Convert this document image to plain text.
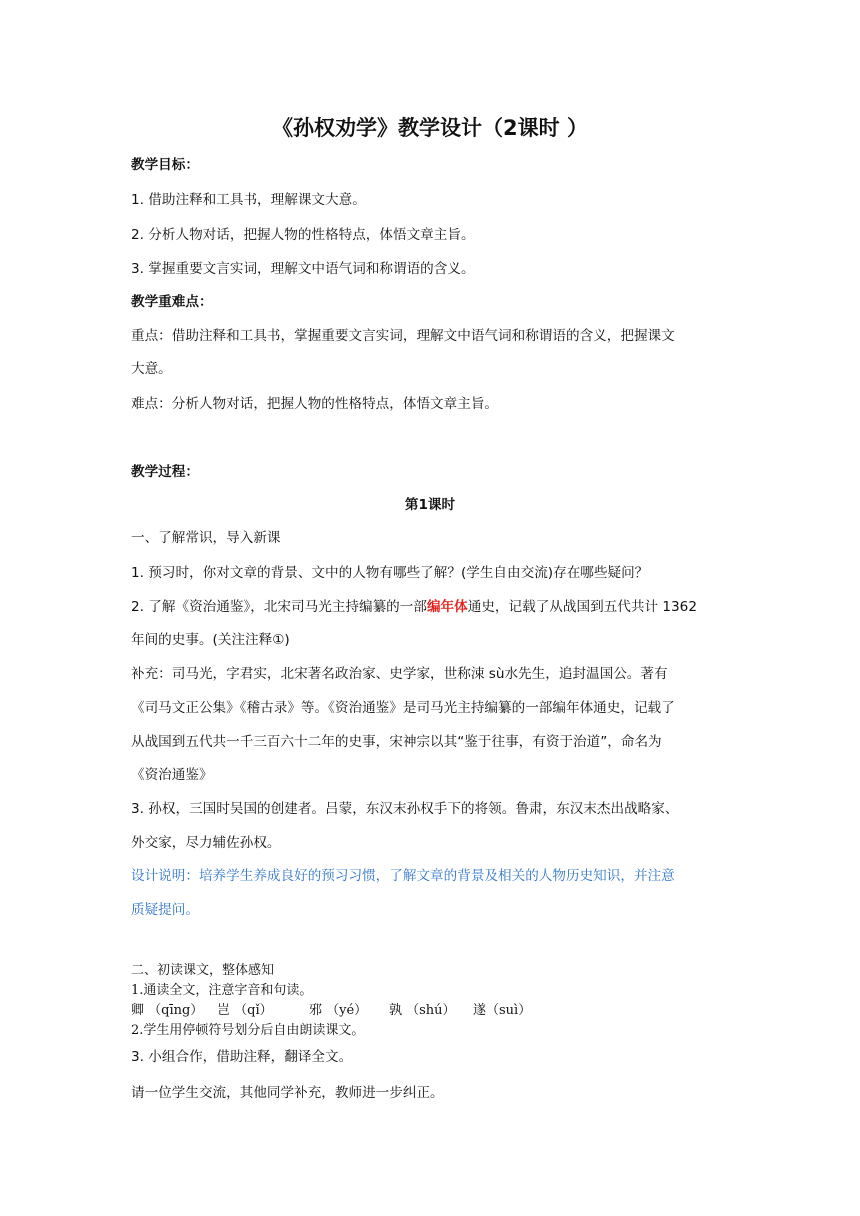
《孙权劝学》教学设计（2课时 ）
教学目标：
1. 借助注释和工具书，理解课文大意。
2. 分析人物对话，把握人物的性格特点，体悟文章主旨。
3. 掌握重要文言实词，理解文中语气词和称谓语的含义。
教学重难点：
重点：借助注释和工具书，掌握重要文言实词，理解文中语气词和称谓语的含义，把握课文
大意。
难点：分析人物对话，把握人物的性格特点，体悟文章主旨。
教学过程：
第1课时
一、了解常识，导入新课
1. 预习时，你对文章的背景、文中的人物有哪些了解？(学生自由交流)存在哪些疑问？
2. 了解《资治通鉴》，北宋司马光主持编纂的一部编年体通史，记载了从战国到五代共计 1362
年间的史事。(关注注释①)
补充：司马光，字君实，北宋著名政治家、史学家，世称涑 sù水先生，追封温国公。著有
《司马文正公集》《稽古录》等。《资治通鉴》是司马光主持编纂的一部编年体通史，记载了
从战国到五代共一千三百六十二年的史事，宋神宗以其“鉴于往事，有资于治道”，命名为
《资治通鉴》
3. 孙权，三国时吴国的创建者。吕蒙，东汉末孙权手下的将领。鲁肃，东汉末杰出战略家、
外交家，尽力辅佐孙权。
设计说明：培养学生养成良好的预习习惯，了解文章的背景及相关的人物历史知识，并注意
质疑提问。
二、初读课文，整体感知
1.通读全文，注意字音和句读。
卿 （qīng） 岂 （qǐ）	邪 （yé） 孰 （shú） 遂（suì）
2.学生用停顿符号划分后自由朗读课文。
3. 小组合作，借助注释，翻译全文。
请一位学生交流，其他同学补充，教师进一步纠正。
